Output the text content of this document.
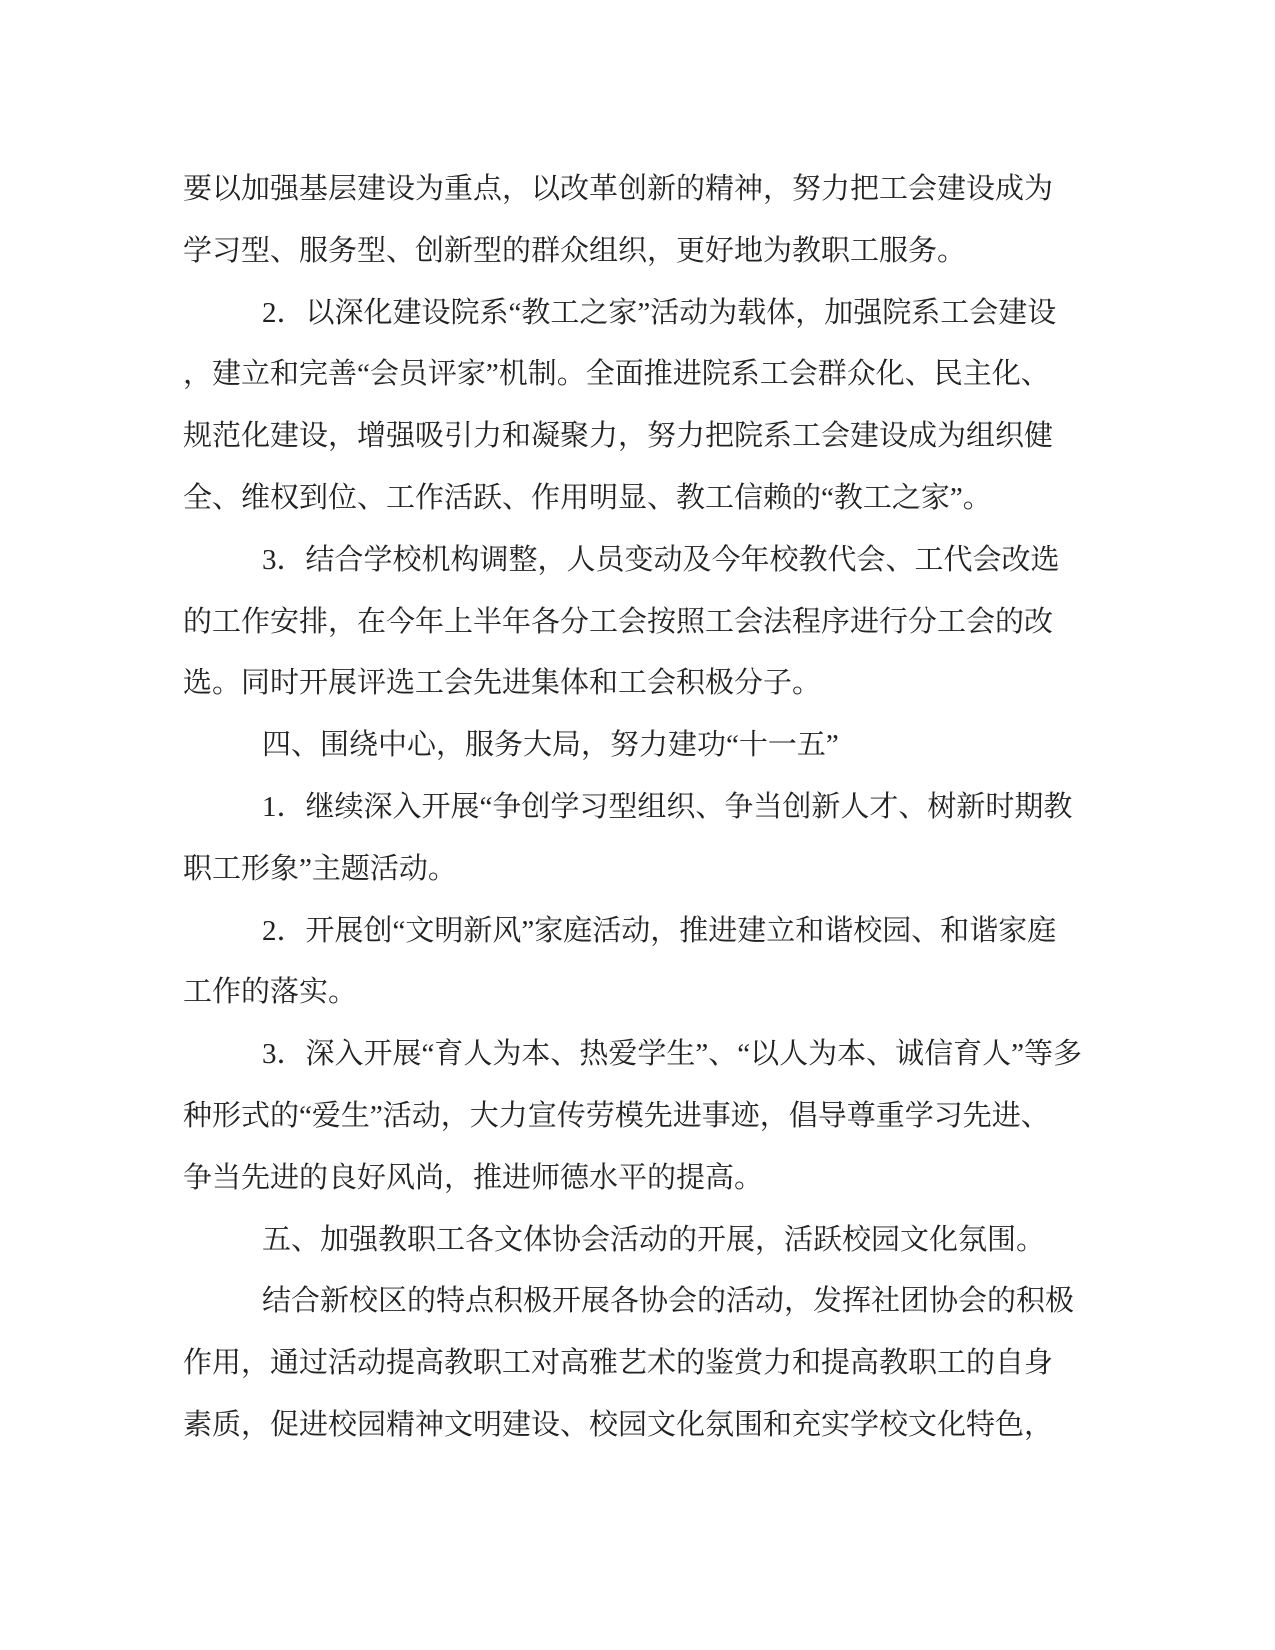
要以加强基层建设为重点，以改革创新的精神，努力把工会建设成为
学习型、服务型、创新型的群众组织，更好地为教职工服务。
2．以深化建设院系“教工之家”活动为载体，加强院系工会建设
，建立和完善“会员评家”机制。全面推进院系工会群众化、民主化、
规范化建设，增强吸引力和凝聚力，努力把院系工会建设成为组织健
全、维权到位、工作活跃、作用明显、教工信赖的“教工之家”。
3．结合学校机构调整，人员变动及今年校教代会、工代会改选
的工作安排，在今年上半年各分工会按照工会法程序进行分工会的改
选。同时开展评选工会先进集体和工会积极分子。
四、围绕中心，服务大局，努力建功“十一五”
1．继续深入开展“争创学习型组织、争当创新人才、树新时期教
职工形象”主题活动。
2．开展创“文明新风”家庭活动，推进建立和谐校园、和谐家庭
工作的落实。
3．深入开展“育人为本、热爱学生”、“以人为本、诚信育人”等多
种形式的“爱生”活动，大力宣传劳模先进事迹，倡导尊重学习先进、
争当先进的良好风尚，推进师德水平的提高。
五、加强教职工各文体协会活动的开展，活跃校园文化氛围。
结合新校区的特点积极开展各协会的活动，发挥社团协会的积极
作用，通过活动提高教职工对高雅艺术的鉴赏力和提高教职工的自身
素质，促进校园精神文明建设、校园文化氛围和充实学校文化特色，
